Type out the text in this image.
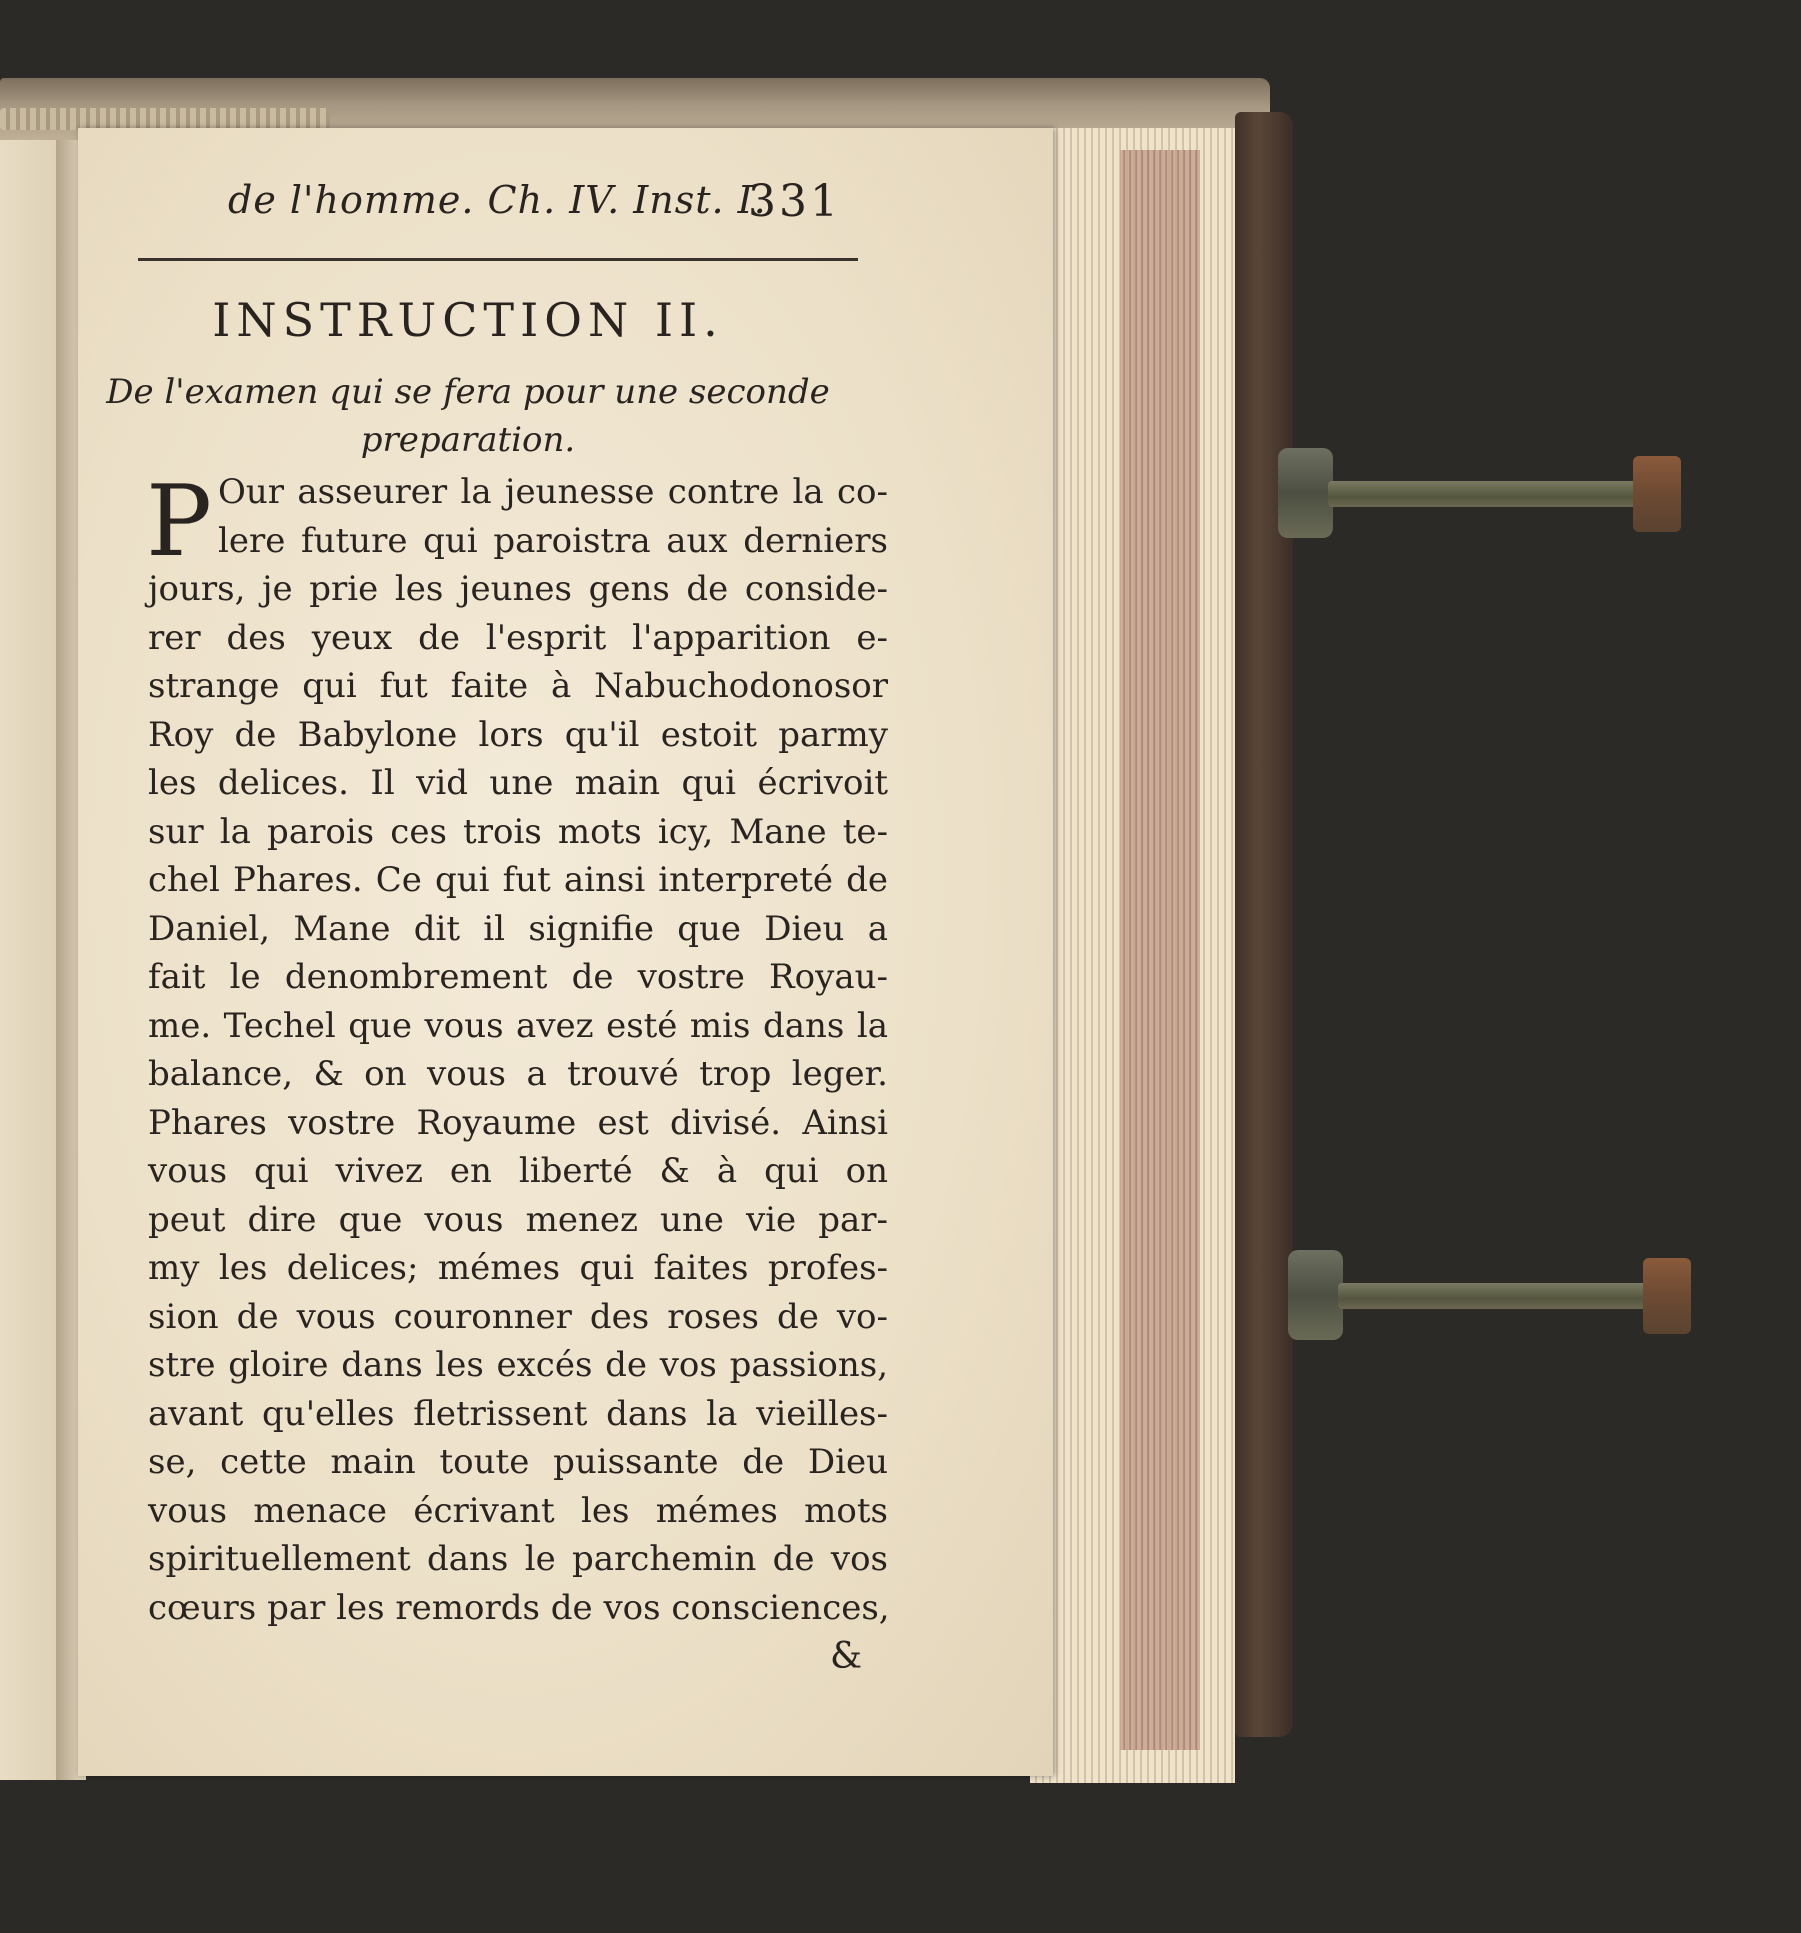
de l'homme. Ch. IV. Inst. I.
331
INSTRUCTION II.
De l'examen qui se fera pour une seconde
preparation.
P Our asseurer la jeunesse contre la co-
lere future qui paroistra aux derniers
jours, je prie les jeunes gens de conside-
rer des yeux de l'esprit l'apparition e-
strange qui fut faite à Nabuchodonosor
Roy de Babylone lors qu'il estoit parmy
les delices. Il vid une main qui écrivoit
sur la parois ces trois mots icy, Mane te-
chel Phares. Ce qui fut ainsi interpreté de
Daniel, Mane dit il signifie que Dieu a
fait le denombrement de vostre Royau-
me. Techel que vous avez esté mis dans la
balance, & on vous a trouvé trop leger.
Phares vostre Royaume est divisé. Ainsi
vous qui vivez en liberté & à qui on
peut dire que vous menez une vie par-
my les delices; mémes qui faites profes-
sion de vous couronner des roses de vo-
stre gloire dans les excés de vos passions,
avant qu'elles fletrissent dans la vieilles-
se, cette main toute puissante de Dieu
vous menace écrivant les mémes mots
spirituellement dans le parchemin de vos
cœurs par les remords de vos consciences,
&
